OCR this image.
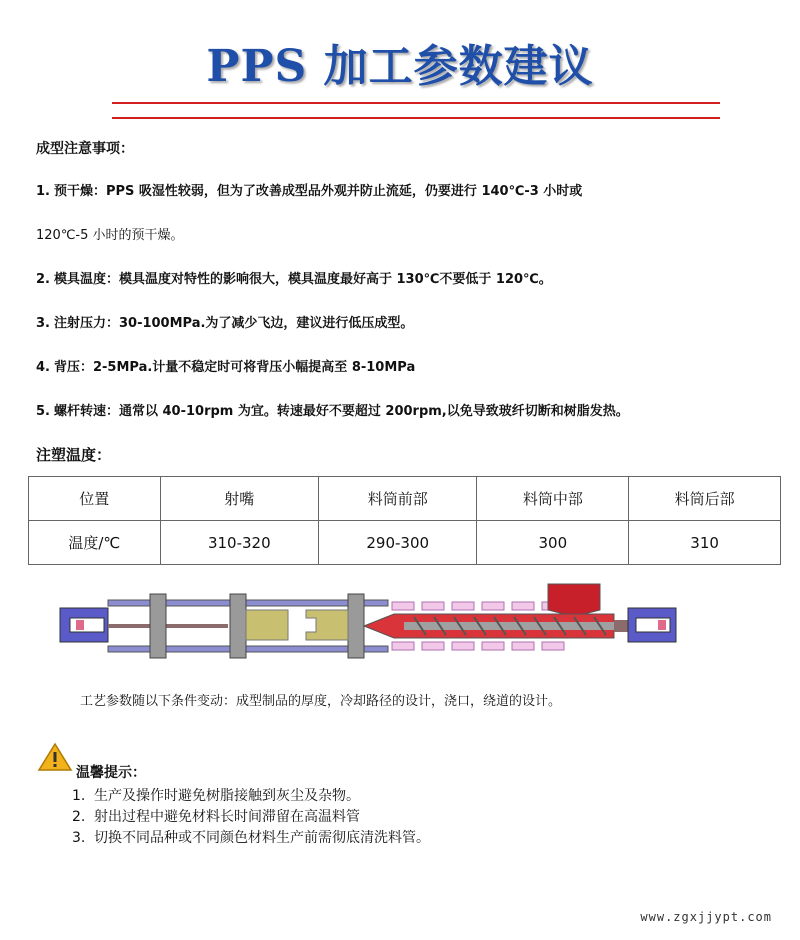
PPS 加工参数建议
成型注意事项：
1. 预干燥：PPS 吸湿性较弱，但为了改善成型品外观并防止流延，仍要进行 140℃-3 小时或
120℃-5 小时的预干燥。
2. 模具温度：模具温度对特性的影响很大，模具温度最好高于 130℃不要低于 120℃。
3. 注射压力：30-100MPa.为了减少飞边，建议进行低压成型。
4. 背压：2-5MPa.计量不稳定时可将背压小幅提高至 8-10MPa
5. 螺杆转速：通常以 40-10rpm 为宜。转速最好不要超过 200rpm,以免导致玻纤切断和树脂发热。
注塑温度：
位置	射嘴	料筒前部	料筒中部	料筒后部
温度/℃	310-320	290-300	300	310
工艺参数随以下条件变动：成型制品的厚度，冷却路径的设计，浇口，绕道的设计。
温馨提示：
1. 生产及操作时避免树脂接触到灰尘及杂物。
2. 射出过程中避免材料长时间滞留在高温料管
3. 切换不同品种或不同颜色材料生产前需彻底清洗料管。
www.zgxjjypt.com
